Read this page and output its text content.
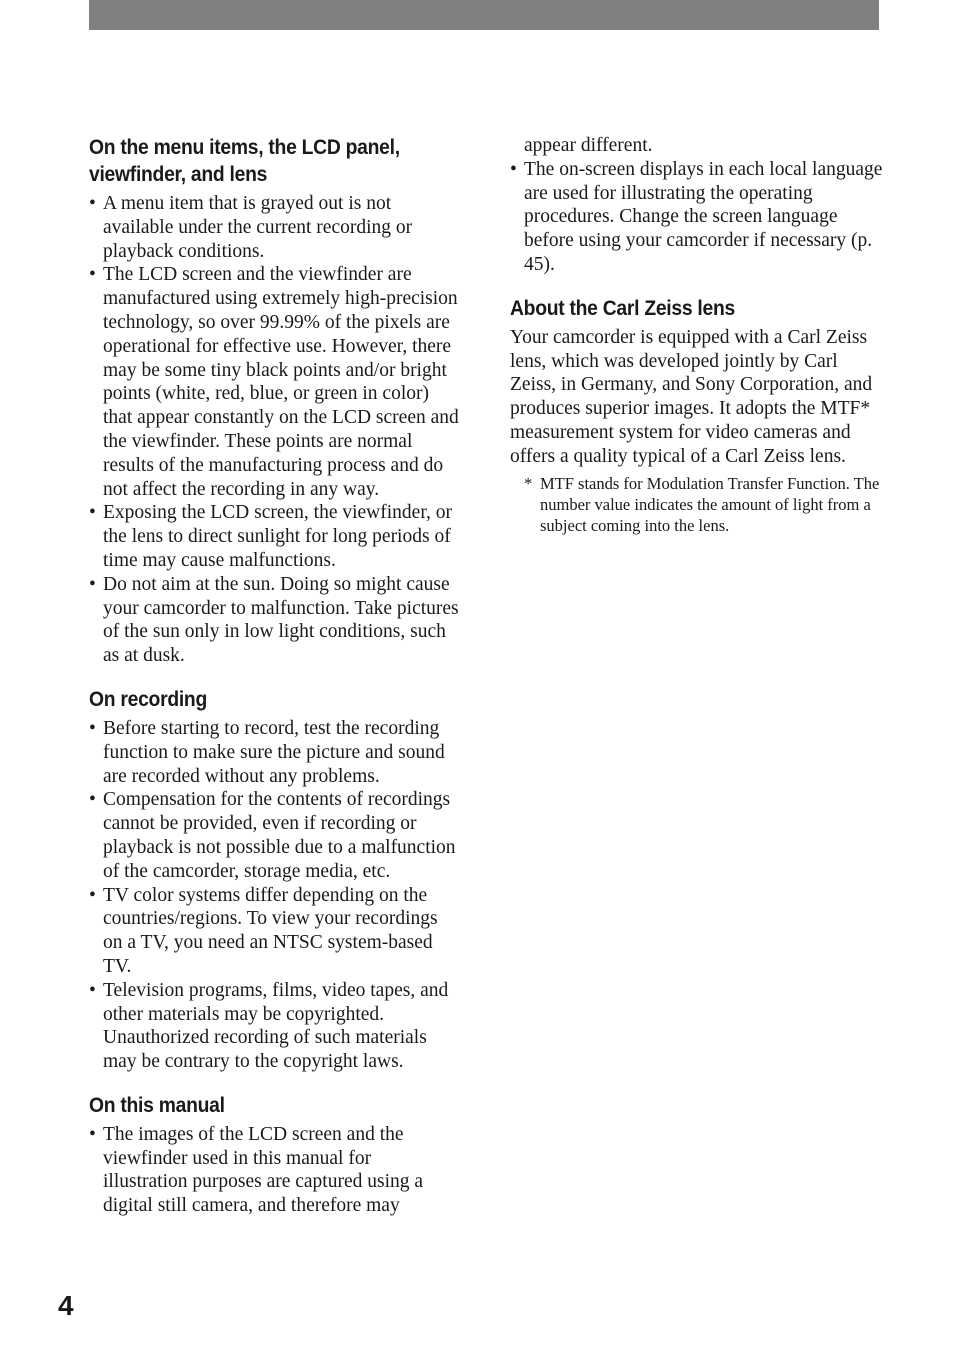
On the menu items, the LCD panel, viewfinder, and lens
• A menu item that is grayed out is not available under the current recording or playback conditions.
• The LCD screen and the viewfinder are manufactured using extremely high-precision technology, so over 99.99% of the pixels are operational for effective use. However, there may be some tiny black points and/or bright points (white, red, blue, or green in color) that appear constantly on the LCD screen and the viewfinder. These points are normal results of the manufacturing process and do not affect the recording in any way.
• Exposing the LCD screen, the viewfinder, or the lens to direct sunlight for long periods of time may cause malfunctions.
• Do not aim at the sun. Doing so might cause your camcorder to malfunction. Take pictures of the sun only in low light conditions, such as at dusk.
On recording
• Before starting to record, test the recording function to make sure the picture and sound are recorded without any problems.
• Compensation for the contents of recordings cannot be provided, even if recording or playback is not possible due to a malfunction of the camcorder, storage media, etc.
• TV color systems differ depending on the countries/regions. To view your recordings on a TV, you need an NTSC system-based TV.
• Television programs, films, video tapes, and other materials may be copyrighted. Unauthorized recording of such materials may be contrary to the copyright laws.
On this manual
• The images of the LCD screen and the viewfinder used in this manual for illustration purposes are captured using a digital still camera, and therefore may
appear different.
• The on-screen displays in each local language are used for illustrating the operating procedures. Change the screen language before using your camcorder if necessary (p. 45).
About the Carl Zeiss lens

Your camcorder is equipped with a Carl Zeiss lens, which was developed jointly by Carl Zeiss, in Germany, and Sony Corporation, and produces superior images. It adopts the MTF* measurement system for video cameras and offers a quality typical of a Carl Zeiss lens.

* MTF stands for Modulation Transfer Function. The number value indicates the amount of light from a subject coming into the lens.
4
